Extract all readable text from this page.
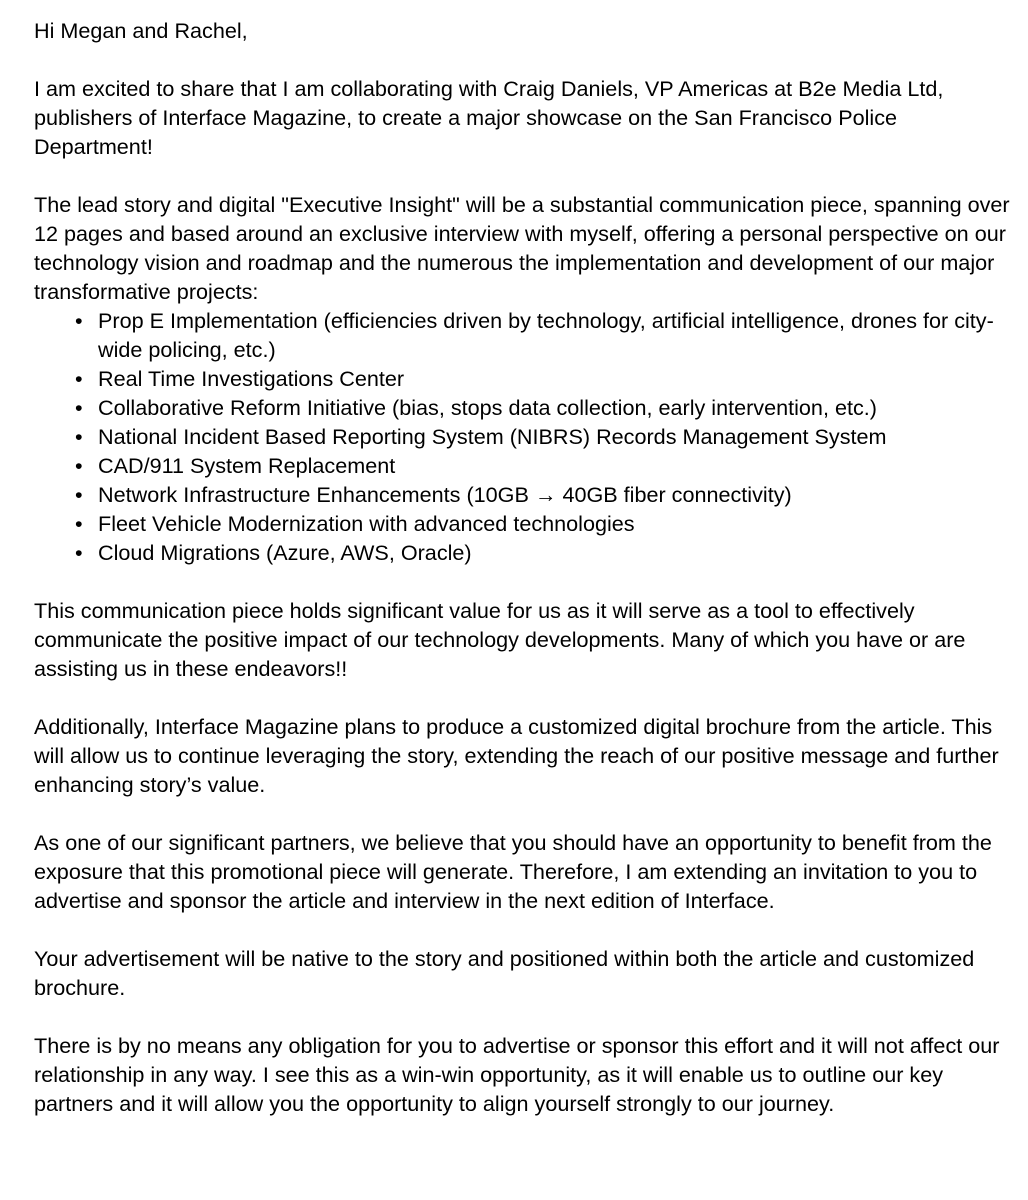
Hi Megan and Rachel,

I am excited to share that I am collaborating with Craig Daniels, VP Americas at B2e Media Ltd, publishers of Interface Magazine, to create a major showcase on the San Francisco Police Department!

The lead story and digital "Executive Insight" will be a substantial communication piece, spanning over 12 pages and based around an exclusive interview with myself, offering a personal perspective on our technology vision and roadmap and the numerous the implementation and development of our major transformative projects:

• Prop E Implementation (efficiencies driven by technology, artificial intelligence, drones for city-wide policing, etc.)
• Real Time Investigations Center
• Collaborative Reform Initiative (bias, stops data collection, early intervention, etc.)
• National Incident Based Reporting System (NIBRS) Records Management System
• CAD/911 System Replacement
• Network Infrastructure Enhancements (10GB → 40GB fiber connectivity)
• Fleet Vehicle Modernization with advanced technologies
• Cloud Migrations (Azure, AWS, Oracle)

This communication piece holds significant value for us as it will serve as a tool to effectively communicate the positive impact of our technology developments. Many of which you have or are assisting us in these endeavors!!

Additionally, Interface Magazine plans to produce a customized digital brochure from the article. This will allow us to continue leveraging the story, extending the reach of our positive message and further enhancing story’s value.

As one of our significant partners, we believe that you should have an opportunity to benefit from the exposure that this promotional piece will generate. Therefore, I am extending an invitation to you to advertise and sponsor the article and interview in the next edition of Interface.

Your advertisement will be native to the story and positioned within both the article and customized brochure.

There is by no means any obligation for you to advertise or sponsor this effort and it will not affect our relationship in any way. I see this as a win-win opportunity, as it will enable us to outline our key partners and it will allow you the opportunity to align yourself strongly to our journey.
